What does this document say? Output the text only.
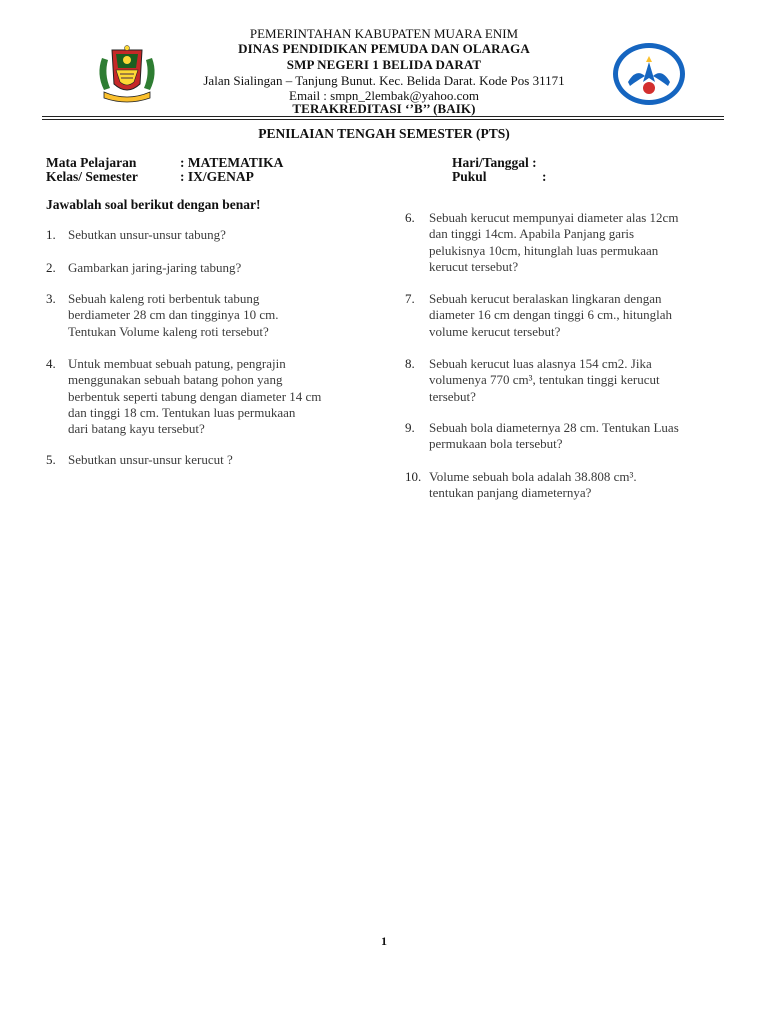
PEMERINTAHAN KABUPATEN MUARA ENIM
DINAS PENDIDIKAN PEMUDA DAN OLARAGA
SMP NEGERI 1 BELIDA DARAT
Jalan Sialingan – Tanjung Bunut. Kec. Belida Darat. Kode Pos 31171
Email : smpn_2lembak@yahoo.com
TERAKREDITASI ‘’B’’ (BAIK)
PENILAIAN TENGAH SEMESTER (PTS)
Mata Pelajaran	: MATEMATIKA
Kelas/ Semester	: IX/GENAP
Hari/Tanggal :
Pukul	:
Jawablah soal berikut dengan benar!
1. Sebutkan unsur-unsur tabung?
2. Gambarkan jaring-jaring tabung?
3. Sebuah kaleng roti berbentuk tabung
berdiameter 28 cm dan tingginya 10 cm.
Tentukan Volume kaleng roti tersebut?
4. Untuk membuat sebuah patung, pengrajin
menggunakan sebuah batang pohon yang
berbentuk seperti tabung dengan diameter 14 cm
dan tinggi 18 cm. Tentukan luas permukaan
dari batang kayu tersebut?
5. Sebutkan unsur-unsur kerucut ?
6. Sebuah kerucut mempunyai diameter alas 12cm
dan tinggi 14cm. Apabila Panjang garis
pelukisnya 10cm, hitunglah luas permukaan
kerucut tersebut?
7. Sebuah kerucut beralaskan lingkaran dengan
diameter 16 cm dengan tinggi 6 cm., hitunglah
volume kerucut tersebut?
8. Sebuah kerucut luas alasnya 154 cm2. Jika
volumenya 770 cm³, tentukan tinggi kerucut
tersebut?
9. Sebuah bola diameternya 28 cm. Tentukan Luas
permukaan bola tersebut?
10. Volume sebuah bola adalah 38.808 cm³.
tentukan panjang diameternya?
1
